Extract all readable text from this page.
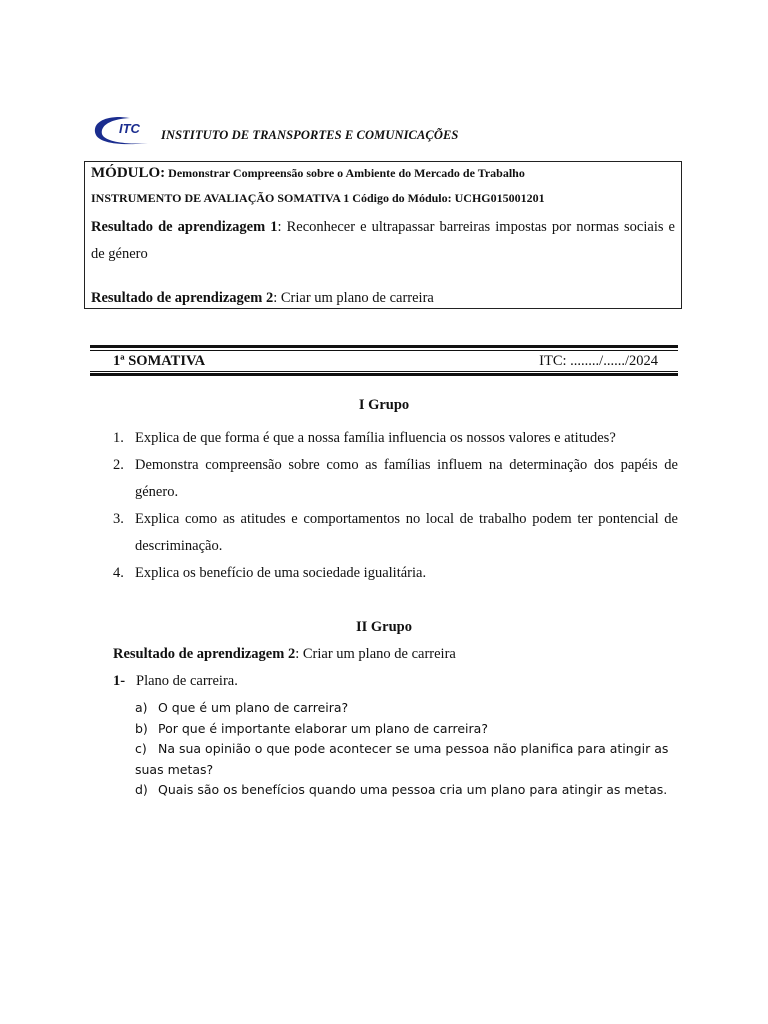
ITC INSTITUTO DE TRANSPORTES E COMUNICAÇÕES
MÓDULO: Demonstrar Compreensão sobre o Ambiente do Mercado de Trabalho
INSTRUMENTO DE AVALIAÇÃO SOMATIVA 1 Código do Módulo: UCHG015001201
Resultado de aprendizagem 1: Reconhecer e ultrapassar barreiras impostas por normas sociais e de género
Resultado de aprendizagem 2: Criar um plano de carreira
1ª SOMATIVA	ITC: ......../....../2024
I Grupo
1. Explica de que forma é que a nossa família influencia os nossos valores e atitudes?
2. Demonstra compreensão sobre como as famílias influem na determinação dos papéis de género.
3. Explica como as atitudes e comportamentos no local de trabalho podem ter pontencial de descriminação.
4. Explica os benefício de uma sociedade igualitária.
II Grupo
Resultado de aprendizagem 2: Criar um plano de carreira
1- Plano de carreira.
a) O que é um plano de carreira?
b) Por que é importante elaborar um plano de carreira?
c) Na sua opinião o que pode acontecer se uma pessoa não planifica para atingir as suas metas?
d) Quais são os benefícios quando uma pessoa cria um plano para atingir as metas.
